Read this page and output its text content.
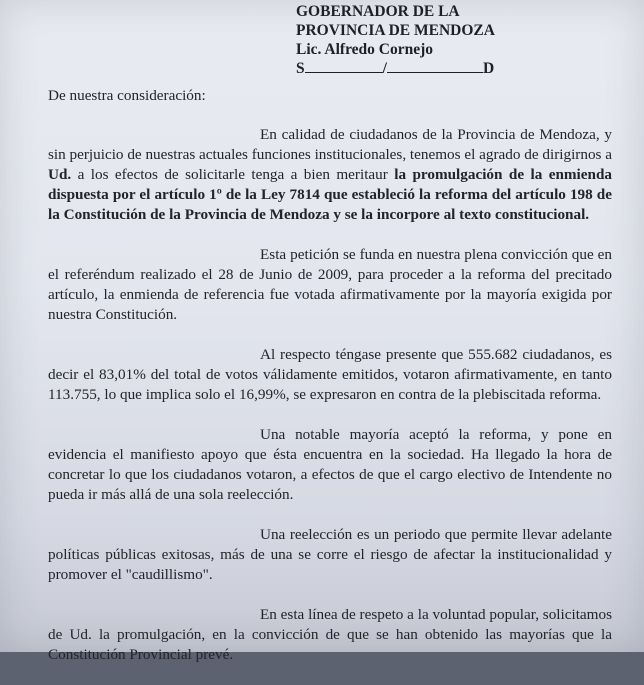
GOBERNADOR DE LA
PROVINCIA DE MENDOZA
Lic. Alfredo Cornejo
S	/	D
De nuestra consideración:

En calidad de ciudadanos de la Provincia de Mendoza, y sin perjuicio de nuestras actuales funciones institucionales, tenemos el agrado de dirigirnos a Ud. a los efectos de solicitarle tenga a bien meritaur la promulgación de la enmienda dispuesta por el artículo 1º de la Ley 7814 que estableció la reforma del artículo 198 de la Constitución de la Provincia de Mendoza y se la incorpore al texto constitucional.

Esta petición se funda en nuestra plena convicción que en el referéndum realizado el 28 de Junio de 2009, para proceder a la reforma del precitado artículo, la enmienda de referencia fue votada afirmativamente por la mayoría exigida por nuestra Constitución.

Al respecto téngase presente que 555.682 ciudadanos, es decir el 83,01% del total de votos válidamente emitidos, votaron afirmativamente, en tanto 113.755, lo que implica solo el 16,99%, se expresaron en contra de la plebiscitada reforma.

Una notable mayoría aceptó la reforma, y pone en evidencia el manifiesto apoyo que ésta encuentra en la sociedad. Ha llegado la hora de concretar lo que los ciudadanos votaron, a efectos de que el cargo electivo de Intendente no pueda ir más allá de una sola reelección.

Una reelección es un periodo que permite llevar adelante políticas públicas exitosas, más de una se corre el riesgo de afectar la institucionalidad y promover el "caudillismo".

En esta línea de respeto a la voluntad popular, solicitamos de Ud. la promulgación, en la convicción de que se han obtenido las mayorías que la Constitución Provincial prevé.
